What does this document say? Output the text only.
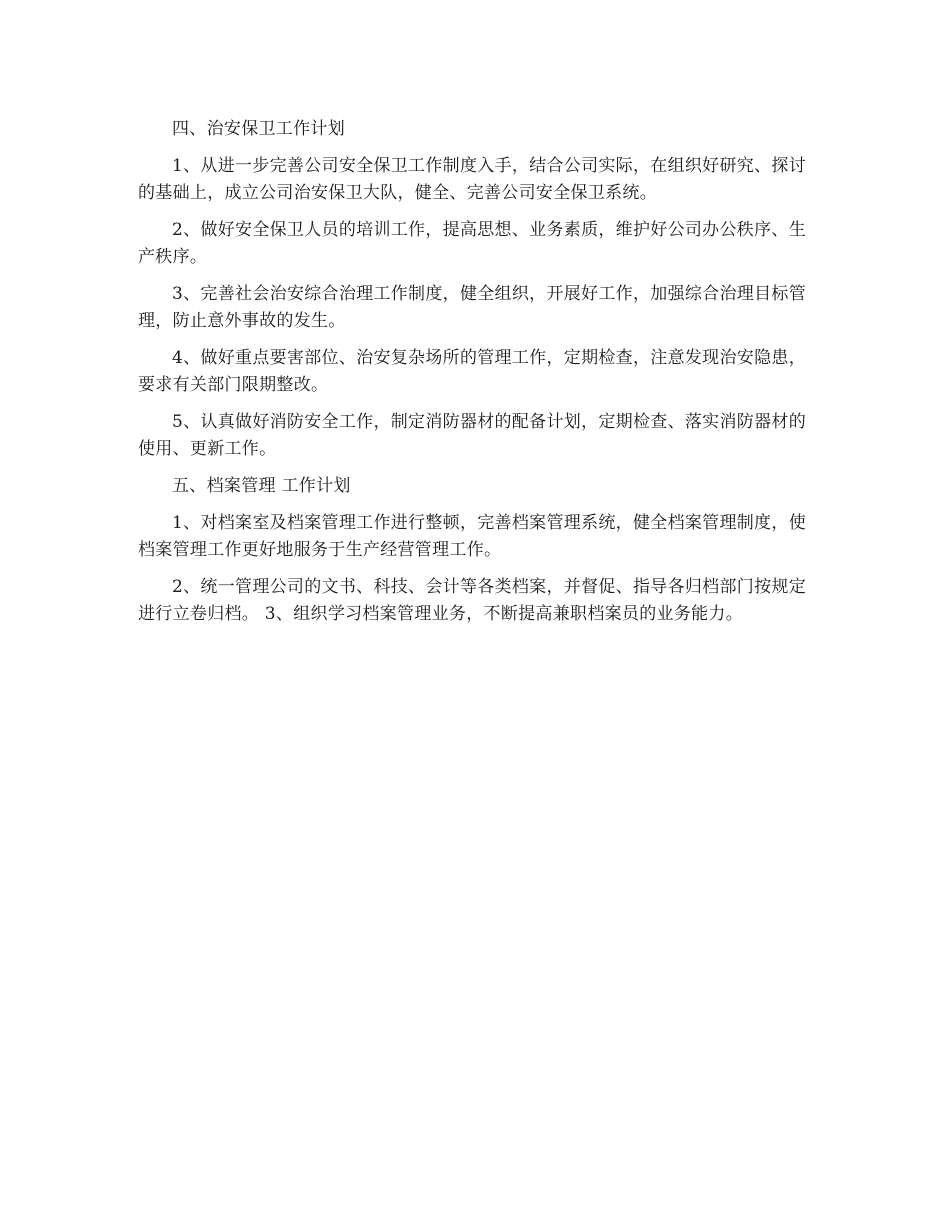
四、治安保卫工作计划

1、从进一步完善公司安全保卫工作制度入手，结合公司实际，在组织好研究、探讨的基础上，成立公司治安保卫大队，健全、完善公司安全保卫系统。

2、做好安全保卫人员的培训工作，提高思想、业务素质，维护好公司办公秩序、生产秩序。

3、完善社会治安综合治理工作制度，健全组织，开展好工作，加强综合治理目标管理，防止意外事故的发生。

4、做好重点要害部位、治安复杂场所的管理工作，定期检查，注意发现治安隐患，要求有关部门限期整改。

5、认真做好消防安全工作，制定消防器材的配备计划，定期检查、落实消防器材的使用、更新工作。

五、档案管理 工作计划

1、对档案室及档案管理工作进行整顿，完善档案管理系统，健全档案管理制度，使档案管理工作更好地服务于生产经营管理工作。

2、统一管理公司的文书、科技、会计等各类档案，并督促、指导各归档部门按规定进行立卷归档。 3、组织学习档案管理业务，不断提高兼职档案员的业务能力。
